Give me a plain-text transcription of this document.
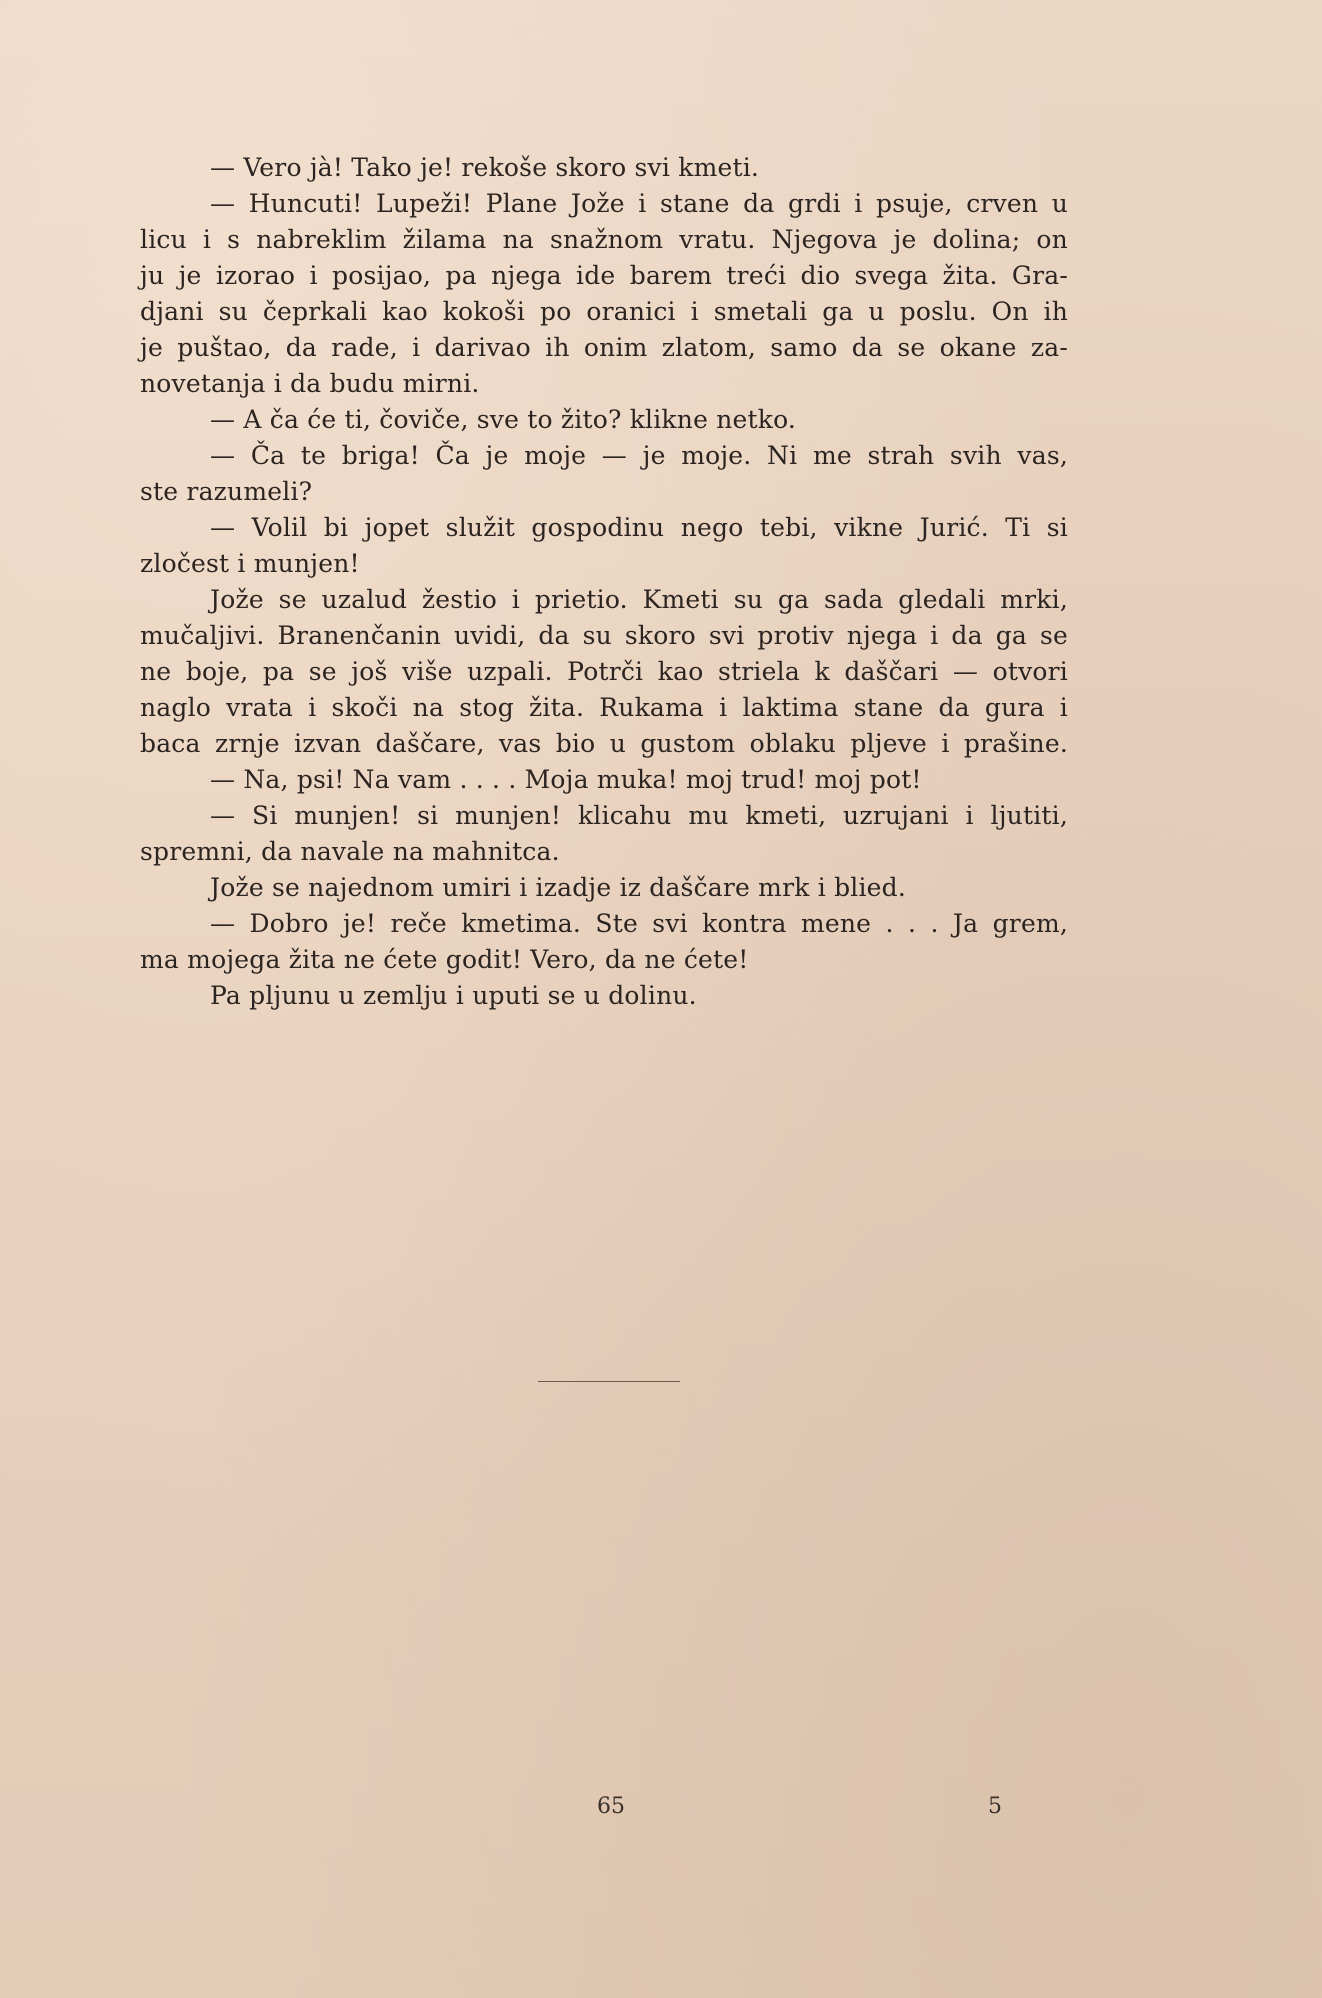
— Vero jà! Tako je! rekoše skoro svi kmeti.
— Huncuti! Lupeži! Plane Jože i stane da grdi i psuje, crven u
licu i s nabreklim žilama na snažnom vratu. Njegova je dolina; on
ju je izorao i posijao, pa njega ide barem treći dio svega žita. Gra-
djani su čeprkali kao kokoši po oranici i smetali ga u poslu. On ih
je puštao, da rade, i darivao ih onim zlatom, samo da se okane za-
novetanja i da budu mirni.
— A ča će ti, čoviče, sve to žito? klikne netko.
— Ča te briga! Ča je moje — je moje. Ni me strah svih vas,
ste razumeli?
— Volil bi jopet služit gospodinu nego tebi, vikne Jurić. Ti si
zločest i munjen!
Jože se uzalud žestio i prietio. Kmeti su ga sada gledali mrki,
mučaljivi. Branenčanin uvidi, da su skoro svi protiv njega i da ga se
ne boje, pa se još više uzpali. Potrči kao striela k daščari — otvori
naglo vrata i skoči na stog žita. Rukama i laktima stane da gura i
baca zrnje izvan daščare, vas bio u gustom oblaku pljeve i prašine.
— Na, psi! Na vam . . . . Moja muka! moj trud! moj pot!
— Si munjen! si munjen! klicahu mu kmeti, uzrujani i ljutiti,
spremni, da navale na mahnitca.
Jože se najednom umiri i izadje iz daščare mrk i blied.
— Dobro je! reče kmetima. Ste svi kontra mene . . . Ja grem,
ma mojega žita ne ćete godit! Vero, da ne ćete!
Pa pljunu u zemlju i uputi se u dolinu.
65	5
